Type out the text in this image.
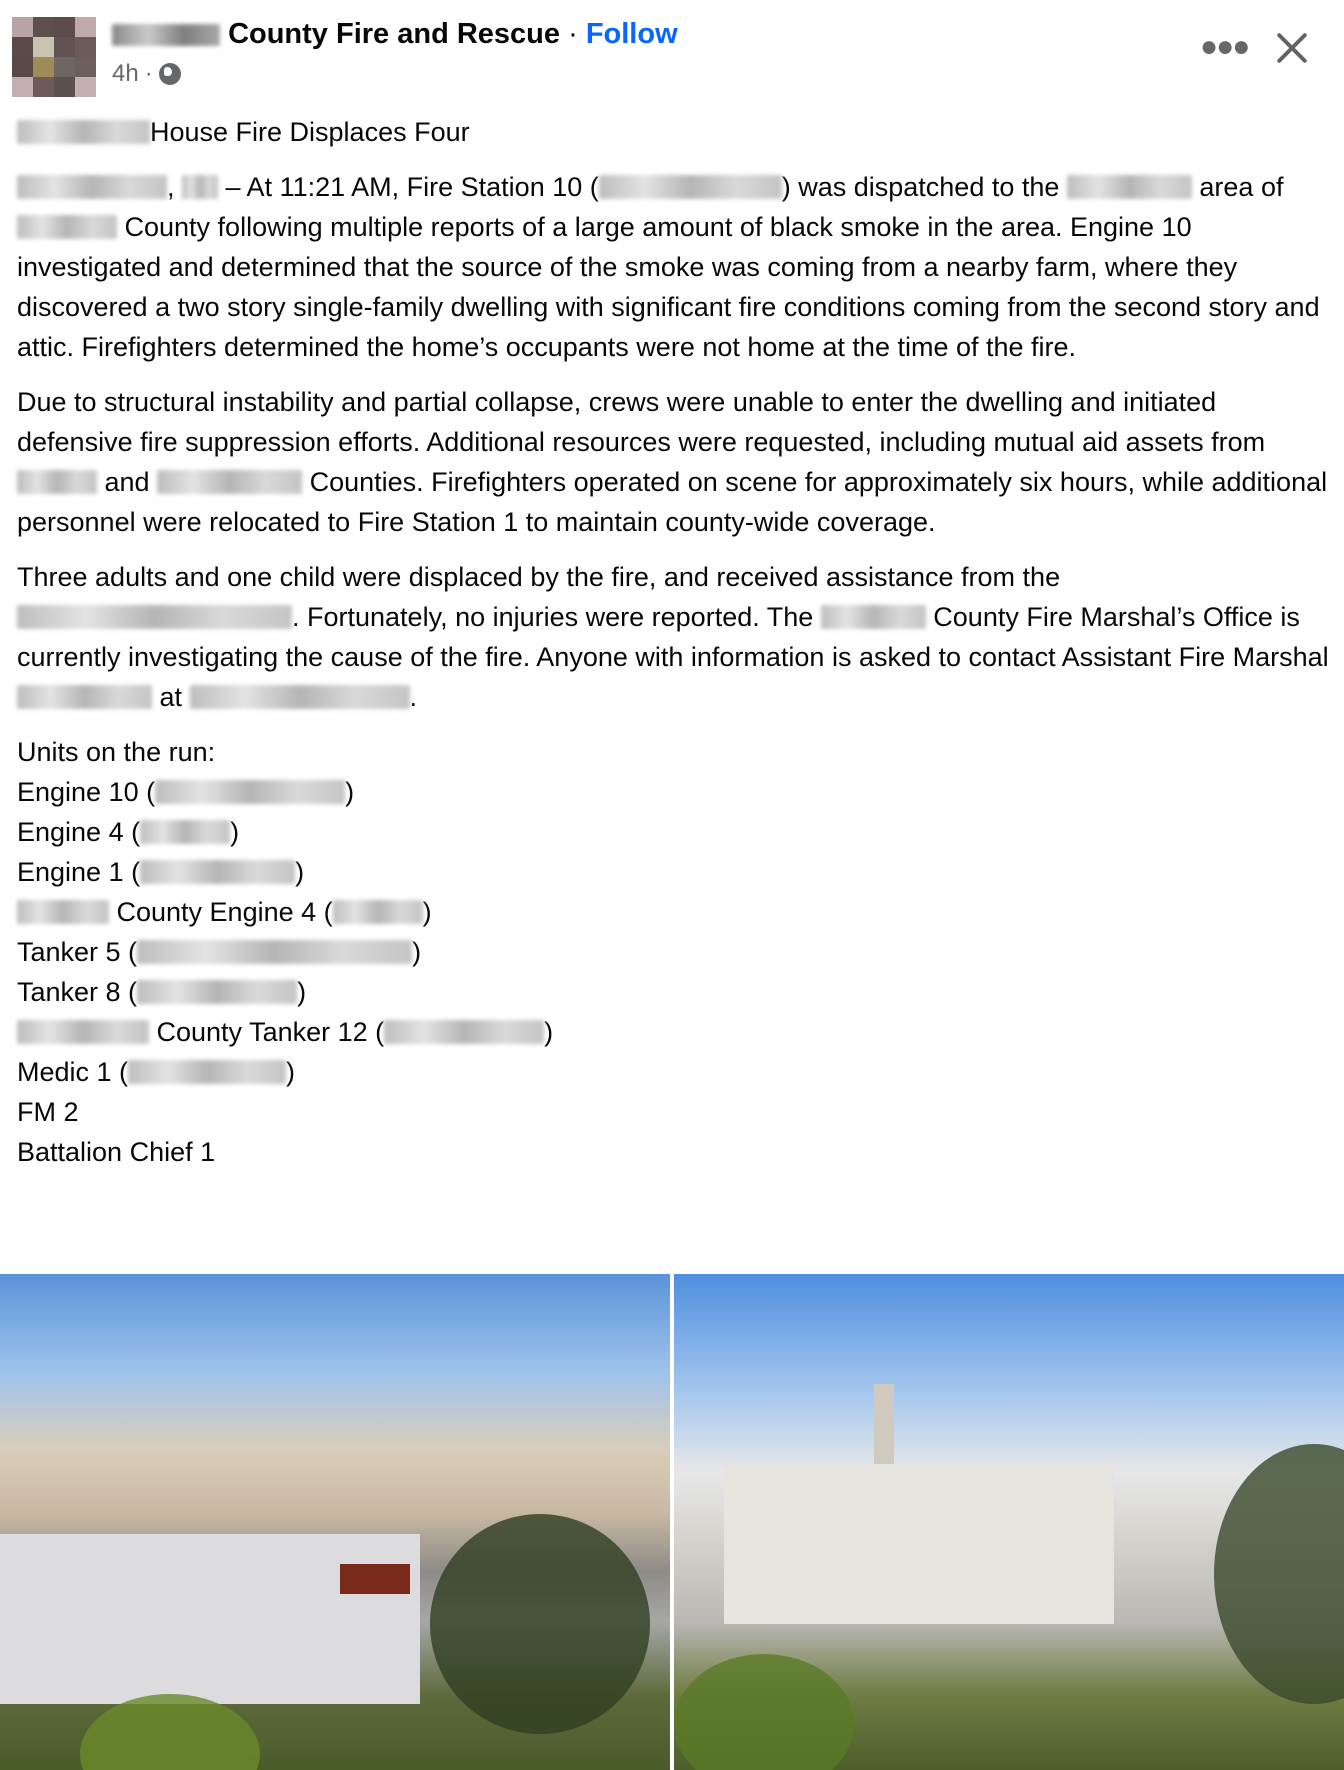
County Fire and Rescue · Follow
4h ·
●●●
House Fire Displaces Four

,  – At 11:21 AM, Fire Station 10 (	) was dispatched to the	area of  County following multiple reports of a large amount of black smoke in the area. Engine 10 investigated and determined that the source of the smoke was coming from a nearby farm, where they discovered a two story single-family dwelling with significant fire conditions coming from the second story and attic. Firefighters determined the home’s occupants were not home at the time of the fire.

Due to structural instability and partial collapse, crews were unable to enter the dwelling and initiated defensive fire suppression efforts. Additional resources were requested, including mutual aid assets from  and	Counties. Firefighters operated on scene for approximately six hours, while additional personnel were relocated to Fire Station 1 to maintain county-wide coverage.

Three adults and one child were displaced by the fire, and received assistance from the . Fortunately, no injuries were reported. The	County Fire Marshal’s Office is currently investigating the cause of the fire. Anyone with information is asked to contact Assistant Fire Marshal  at	.

Units on the run:
Engine 10 (	)
Engine 4 (	)
Engine 1 (	)
County Engine 4 (	)
Tanker 5 (	)
Tanker 8 (	)
County Tanker 12 (	)
Medic 1 (	)
FM 2
Battalion Chief 1
